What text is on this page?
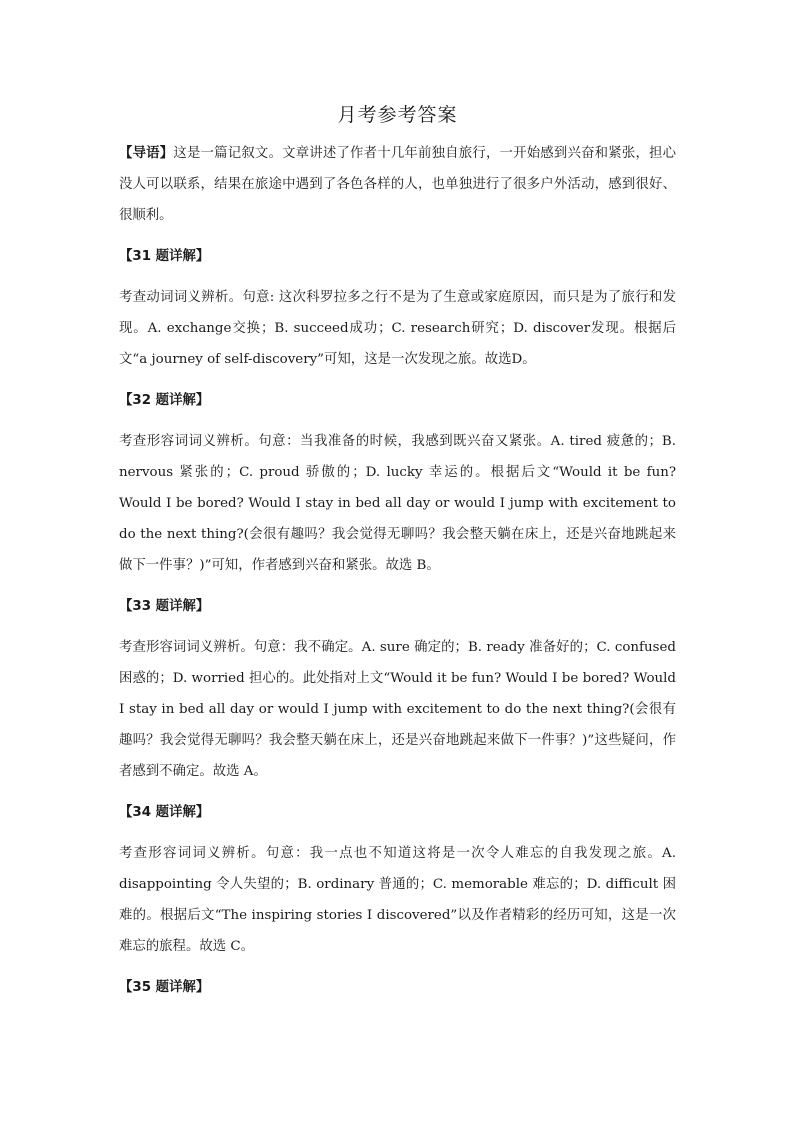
月考参考答案

【导语】这是一篇记叙文。文章讲述了作者十几年前独自旅行，一开始感到兴奋和紧张，担心没人可以联系，结果在旅途中遇到了各色各样的人，也单独进行了很多户外活动，感到很好、很顺利。

【31 题详解】

考查动词词义辨析。句意: 这次科罗拉多之行不是为了生意或家庭原因，而只是为了旅行和发现。A. exchange交换；B. succeed成功；C. research研究；D. discover发现。根据后文“a journey of self-discovery”可知，这是一次发现之旅。故选D。

【32 题详解】

考查形容词词义辨析。句意：当我准备的时候，我感到既兴奋又紧张。A. tired 疲惫的；B. nervous 紧张的；C. proud 骄傲的；D. lucky 幸运的。根据后文“Would it be fun? Would I be bored? Would I stay in bed all day or would I jump with excitement to do the next thing?(会很有趣吗？我会觉得无聊吗？我会整天躺在床上，还是兴奋地跳起来做下一件事？)”可知，作者感到兴奋和紧张。故选 B。

【33 题详解】

考查形容词词义辨析。句意：我不确定。A. sure 确定的；B. ready 准备好的；C. confused 困惑的；D. worried 担心的。此处指对上文“Would it be fun? Would I be bored? Would I stay in bed all day or would I jump with excitement to do the next thing?(会很有趣吗？我会觉得无聊吗？我会整天躺在床上，还是兴奋地跳起来做下一件事？)”这些疑问，作者感到不确定。故选 A。

【34 题详解】

考查形容词词义辨析。句意：我一点也不知道这将是一次令人难忘的自我发现之旅。A. disappointing 令人失望的；B. ordinary 普通的；C. memorable 难忘的；D. difficult 困难的。根据后文“The inspiring stories I discovered”以及作者精彩的经历可知，这是一次难忘的旅程。故选 C。

【35 题详解】
